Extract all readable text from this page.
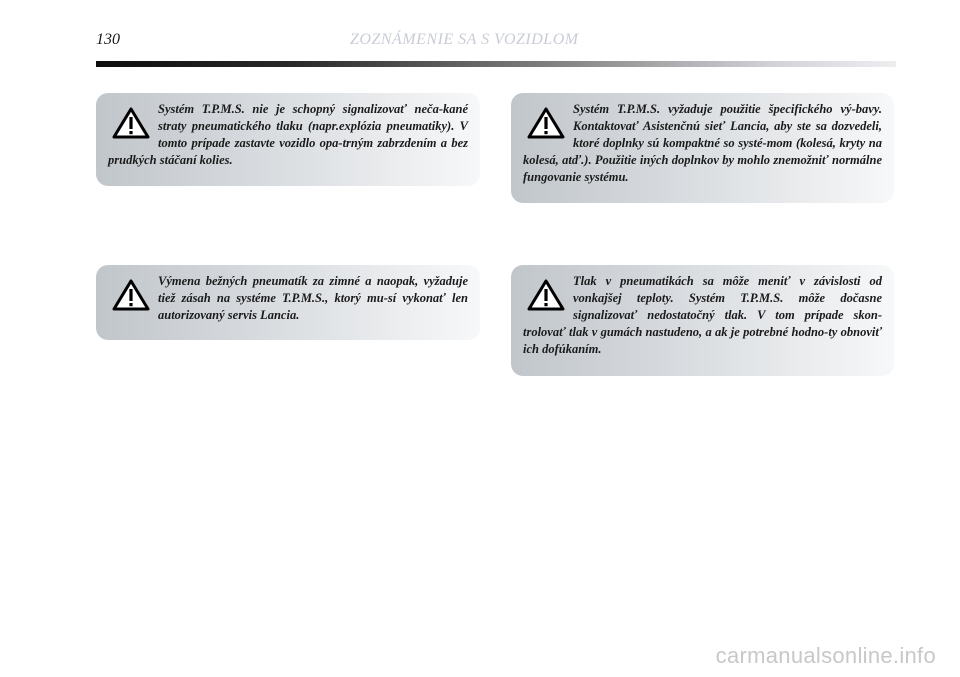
130	ZOZNÁMENIE SA S VOZIDLOM

Systém T.P.M.S. nie je schopný signalizovať neča-kané straty pneumatického tlaku (napr.explózia pneumatiky). V tomto prípade zastavte vozidlo opa-trným zabrzdením a bez prudkých stáčaní kolies.

Systém T.P.M.S. vyžaduje použitie špecifického vý-bavy. Kontaktovať Asistenčnú sieť Lancia, aby ste sa dozvedeli, ktoré doplnky sú kompaktné so systé-mom (kolesá, kryty na kolesá, atď.). Použitie iných doplnkov by mohlo znemožniť normálne fungovanie systému.

Výmena bežných pneumatík za zimné a naopak, vyžaduje tiež zásah na systéme T.P.M.S., ktorý mu-sí vykonať len autorizovaný servis Lancia.

Tlak v pneumatikách sa môže meniť v závislosti od vonkajšej teploty. Systém T.P.M.S. môže dočasne signalizovať nedostatočný tlak. V tom prípade skon-trolovať tlak v gumách nastudeno, a ak je potrebné hodno-ty obnoviť ich dofúkaním.

carmanualsonline.info
